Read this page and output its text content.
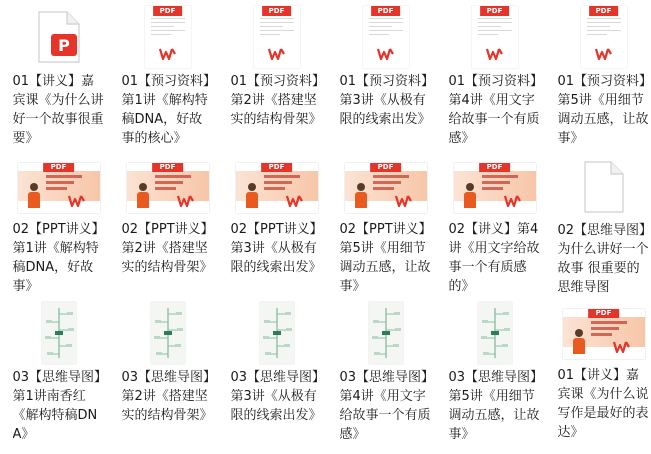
P
01【讲义】嘉宾课《为什么讲好一个故事很重要》
PDF
01【预习资料】第1讲《解构特稿DNA，好故事的核心》
PDF
01【预习资料】第2讲《搭建坚实的结构骨架》
PDF
01【预习资料】第3讲《从极有限的线索出发》
PDF
01【预习资料】第4讲《用文字给故事一个有质感》
PDF
01【预习资料】第5讲《用细节调动五感，让故事》
PDF
02【PPT讲义】第1讲《解构特稿DNA，好故事》
PDF
02【PPT讲义】第2讲《搭建坚实的结构骨架》
PDF
02【PPT讲义】第3讲《从极有限的线索出发》
PDF
02【PPT讲义】第5讲《用细节调动五感，让故事》
PDF
02【讲义】第4讲《用文字给故事一个有质感的》
02【思维导图】为什么讲好一个故事 很重要的思维导图
03【思维导图】第1讲南香红《解构特稿DNA》
03【思维导图】第2讲《搭建坚实的结构骨架》
03【思维导图】第3讲《从极有限的线索出发》
03【思维导图】第4讲《用文字给故事一个有质感》
03【思维导图】第5讲《用细节调动五感，让故事》
PDF
01【讲义】嘉宾课《为什么说写作是最好的表达》
